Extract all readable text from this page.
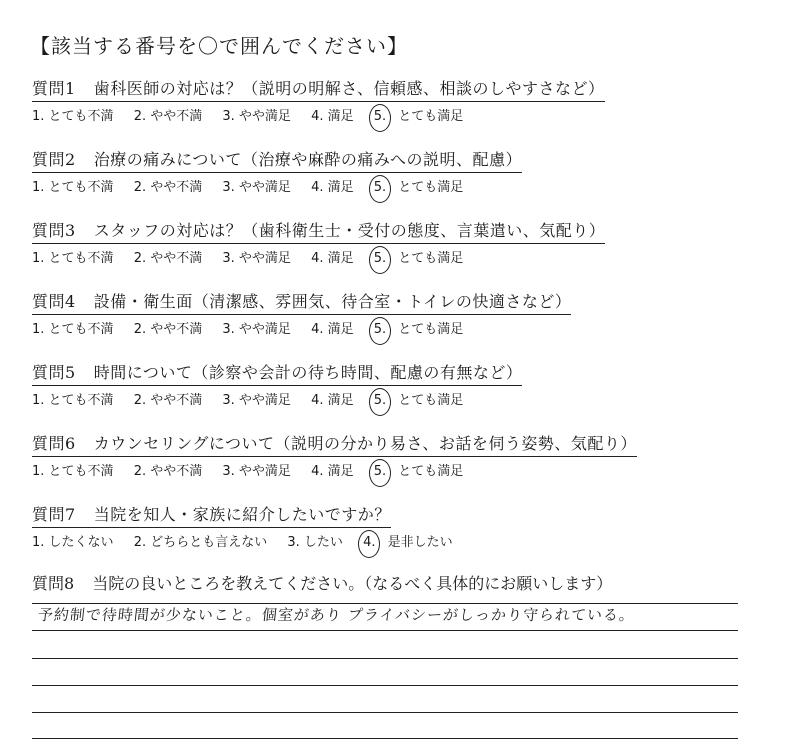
【該当する番号を〇で囲んでください】
質問1 歯科医師の対応は？（説明の明解さ、信頼感、相談のしやすさなど）
1. とても不満 2. やや不満 3. やや満足 4. 満足 5. とても満足
質問2 治療の痛みについて（治療や麻酔の痛みへの説明、配慮）
1. とても不満 2. やや不満 3. やや満足 4. 満足 5. とても満足
質問3 スタッフの対応は？（歯科衛生士・受付の態度、言葉遣い、気配り）
1. とても不満 2. やや不満 3. やや満足 4. 満足 5. とても満足
質問4 設備・衛生面（清潔感、雰囲気、待合室・トイレの快適さなど）
1. とても不満 2. やや不満 3. やや満足 4. 満足 5. とても満足
質問5 時間について（診察や会計の待ち時間、配慮の有無など）
1. とても不満 2. やや不満 3. やや満足 4. 満足 5. とても満足
質問6 カウンセリングについて（説明の分かり易さ、お話を伺う姿勢、気配り）
1. とても不満 2. やや不満 3. やや満足 4. 満足 5. とても満足
質問7 当院を知人・家族に紹介したいですか？
1. したくない 2. どちらとも言えない 3. したい 4. 是非したい
質問8 当院の良いところを教えてください。（なるべく具体的にお願いします）
予約制で待時間が少ないこと。個室があり プライバシーがしっかり守られている。
